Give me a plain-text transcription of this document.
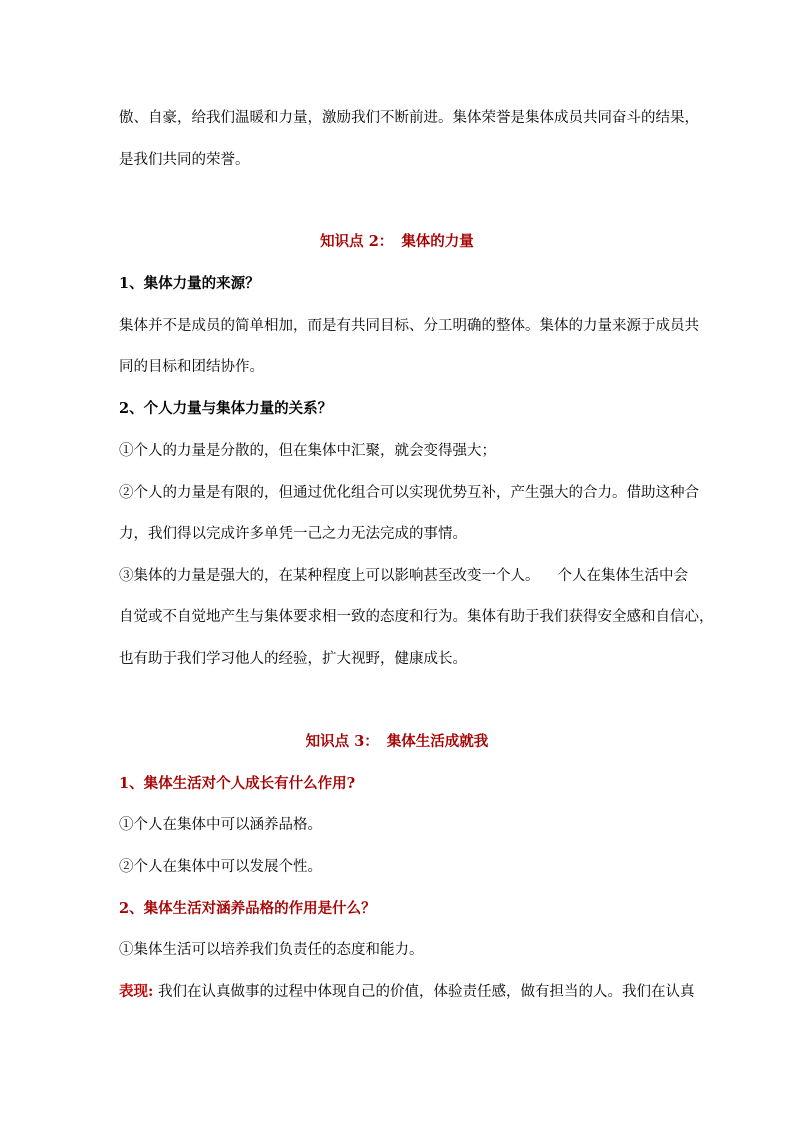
傲、自豪，给我们温暖和力量，激励我们不断前进。集体荣誉是集体成员共同奋斗的结果，
是我们共同的荣誉。
知识点 2： 集体的力量
1、集体力量的来源？
集体并不是成员的简单相加，而是有共同目标、分工明确的整体。集体的力量来源于成员共
同的目标和团结协作。
2、个人力量与集体力量的关系？
①个人的力量是分散的，但在集体中汇聚，就会变得强大；
②个人的力量是有限的，但通过优化组合可以实现优势互补，产生强大的合力。借助这种合
力，我们得以完成许多单凭一己之力无法完成的事情。
③集体的力量是强大的，在某种程度上可以影响甚至改变一个人。 个人在集体生活中会
自觉或不自觉地产生与集体要求相一致的态度和行为。集体有助于我们获得安全感和自信心，
也有助于我们学习他人的经验，扩大视野，健康成长。
知识点 3： 集体生活成就我
1、集体生活对个人成长有什么作用?
①个人在集体中可以涵养品格。
②个人在集体中可以发展个性。
2、集体生活对涵养品格的作用是什么？
①集体生活可以培养我们负责任的态度和能力。
表现: 我们在认真做事的过程中体现自己的价值，体验责任感，做有担当的人。我们在认真
